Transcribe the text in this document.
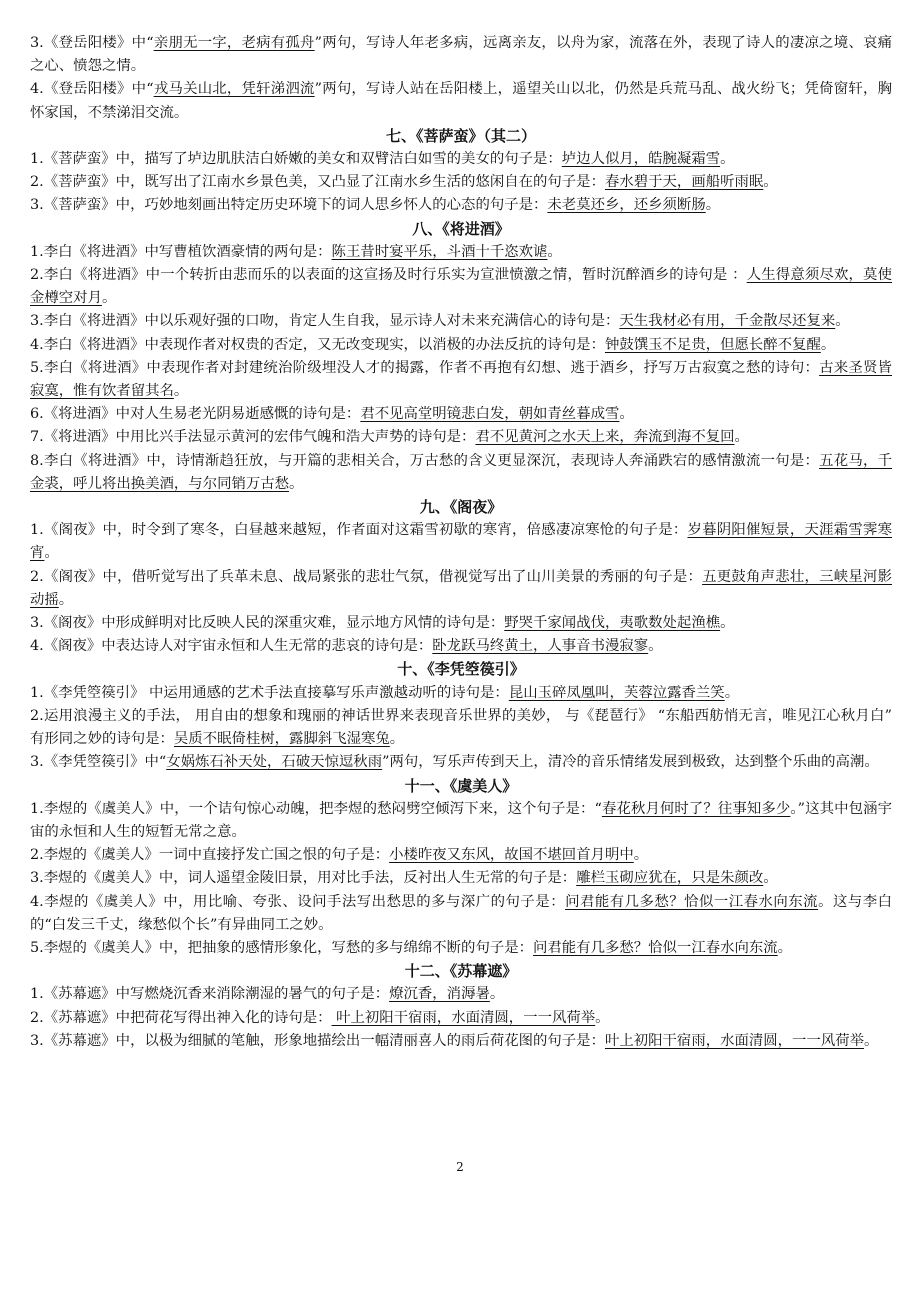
3.《登岳阳楼》中“亲朋无一字，老病有孤舟”两句，写诗人年老多病，远离亲友，以舟为家，流落在外，表现了诗人的凄凉之境、哀痛之心、愤怨之情。

4.《登岳阳楼》中“戎马关山北，凭轩涕泗流”两句，写诗人站在岳阳楼上，遥望关山以北，仍然是兵荒马乱、战火纷飞；凭倚窗轩，胸怀家国，不禁涕泪交流。

七、《菩萨蛮》（其二）

1.《菩萨蛮》中，描写了垆边肌肤洁白娇嫩的美女和双臂洁白如雪的美女的句子是：垆边人似月，皓腕凝霜雪。

2.《菩萨蛮》中，既写出了江南水乡景色美，又凸显了江南水乡生活的悠闲自在的句子是：春水碧于天，画船听雨眠。

3.《菩萨蛮》中，巧妙地刻画出特定历史环境下的词人思乡怀人的心态的句子是：未老莫还乡，还乡须断肠。

八、《将进酒》

1.李白《将进酒》中写曹植饮酒豪情的两句是：陈王昔时宴平乐，斗酒十千恣欢谑。

2.李白《将进酒》中一个转折由悲而乐的以表面的这宣扬及时行乐实为宣泄愤激之情，暂时沉醉酒乡的诗句是 ：人生得意须尽欢，莫使金樽空对月。

3.李白《将进酒》中以乐观好强的口吻，肯定人生自我，显示诗人对未来充满信心的诗句是：天生我材必有用，千金散尽还复来。

4.李白《将进酒》中表现作者对权贵的否定，又无改变现实，以消极的办法反抗的诗句是：钟鼓馔玉不足贵，但愿长醉不复醒。

5.李白《将进酒》中表现作者对封建统治阶级埋没人才的揭露，作者不再抱有幻想、逃于酒乡，抒写万古寂寞之愁的诗句：古来圣贤皆寂寞，惟有饮者留其名。

6.《将进酒》中对人生易老光阴易逝感慨的诗句是：君不见高堂明镜悲白发，朝如青丝暮成雪。

7.《将进酒》中用比兴手法显示黄河的宏伟气魄和浩大声势的诗句是：君不见黄河之水天上来，奔流到海不复回。

8.李白《将进酒》中，诗情渐趋狂放，与开篇的悲相关合，万古愁的含义更显深沉，表现诗人奔涌跌宕的感情激流一句是：五花马，千金裘，呼儿将出换美酒，与尔同销万古愁。

九、《阁夜》

1.《阁夜》中，时令到了寒冬，白昼越来越短，作者面对这霜雪初歇的寒宵，倍感凄凉寒怆的句子是：岁暮阴阳催短景，天涯霜雪霁寒宵。

2.《阁夜》中，借听觉写出了兵革未息、战局紧张的悲壮气氛，借视觉写出了山川美景的秀丽的句子是：五更鼓角声悲壮，三峡星河影动摇。

3.《阁夜》中形成鲜明对比反映人民的深重灾难，显示地方风情的诗句是：野哭千家闻战伐，夷歌数处起渔樵。

4.《阁夜》中表达诗人对宇宙永恒和人生无常的悲哀的诗句是：卧龙跃马终黄土，人事音书漫寂寥。

十、《李凭箜篌引》

1.《李凭箜篌引》 中运用通感的艺术手法直接摹写乐声激越动听的诗句是：昆山玉碎凤凰叫，芙蓉泣露香兰笑。

2.运用浪漫主义的手法， 用自由的想象和瑰丽的神话世界来表现音乐世界的美妙， 与《琵琶行》 “东船西舫悄无言，唯见江心秋月白” 有形同之妙的诗句是：吴质不眠倚桂树，露脚斜飞湿寒兔。

3.《李凭箜篌引》中“女娲炼石补天处，石破天惊逗秋雨”两句，写乐声传到天上，清冷的音乐情绪发展到极致，达到整个乐曲的高潮。

十一、《虞美人》

1.李煜的《虞美人》中，一个诘句惊心动魄，把李煜的愁闷劈空倾泻下来，这个句子是：“春花秋月何时了？往事知多少。”这其中包涵宇宙的永恒和人生的短暂无常之意。

2.李煜的《虞美人》一词中直接抒发亡国之恨的句子是：小楼昨夜又东风，故国不堪回首月明中。

3.李煜的《虞美人》中，词人遥望金陵旧景，用对比手法，反衬出人生无常的句子是：雕栏玉砌应犹在，只是朱颜改。

4.李煜的《虞美人》中，用比喻、夸张、设问手法写出愁思的多与深广的句子是：问君能有几多愁？恰似一江春水向东流。这与李白的“白发三千丈，缘愁似个长”有异曲同工之妙。

5.李煜的《虞美人》中，把抽象的感情形象化，写愁的多与绵绵不断的句子是：问君能有几多愁？恰似一江春水向东流。

十二、《苏幕遮》

1.《苏幕遮》中写燃烧沉香来消除潮湿的暑气的句子是：燎沉香，消溽暑。

2.《苏幕遮》中把荷花写得出神入化的诗句是： 叶上初阳干宿雨，水面清圆，一一风荷举。

3.《苏幕遮》中，以极为细腻的笔触，形象地描绘出一幅清丽喜人的雨后荷花图的句子是：叶上初阳干宿雨，水面清圆，一一风荷举。

2
